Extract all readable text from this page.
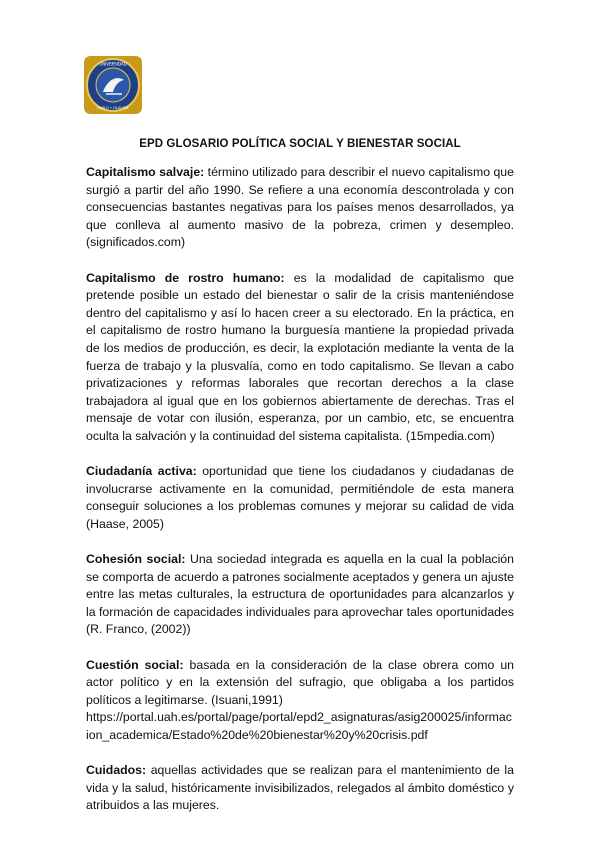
UNIVERSIDAD
PABLO • OLAVIDE
EPD GLOSARIO POLÍTICA SOCIAL Y BIENESTAR SOCIAL

Capitalismo salvaje: término utilizado para describir el nuevo capitalismo que surgió a partir del año 1990. Se refiere a una economía descontrolada y con consecuencias bastantes negativas para los países menos desarrollados, ya que conlleva al aumento masivo de la pobreza, crimen y desempleo. (significados.com)

Capitalismo de rostro humano: es la modalidad de capitalismo que pretende posible un estado del bienestar o salir de la crisis manteniéndose dentro del capitalismo y así lo hacen creer a su electorado. En la práctica, en el capitalismo de rostro humano la burguesía mantiene la propiedad privada de los medios de producción, es decir, la explotación mediante la venta de la fuerza de trabajo y la plusvalía, como en todo capitalismo. Se llevan a cabo privatizaciones y reformas laborales que recortan derechos a la clase trabajadora al igual que en los gobiernos abiertamente de derechas. Tras el mensaje de votar con ilusión, esperanza, por un cambio, etc, se encuentra oculta la salvación y la continuidad del sistema capitalista. (15mpedia.com)

Ciudadanía activa: oportunidad que tiene los ciudadanos y ciudadanas de involucrarse activamente en la comunidad, permitiéndole de esta manera conseguir soluciones a los problemas comunes y mejorar su calidad de vida (Haase, 2005)

Cohesión social: Una sociedad integrada es aquella en la cual la población se comporta de acuerdo a patrones socialmente aceptados y genera un ajuste entre las metas culturales, la estructura de oportunidades para alcanzarlos y la formación de capacidades individuales para aprovechar tales oportunidades (R. Franco, (2002))

Cuestión social: basada en la consideración de la clase obrera como un actor político y en la extensión del sufragio, que obligaba a los partidos políticos a legitimarse. (Isuani,1991)
https://portal.uah.es/portal/page/portal/epd2_asignaturas/asig200025/informacion_academica/Estado%20de%20bienestar%20y%20crisis.pdf

Cuidados: aquellas actividades que se realizan para el mantenimiento de la vida y la salud, históricamente invisibilizados, relegados al ámbito doméstico y atribuidos a las mujeres.
